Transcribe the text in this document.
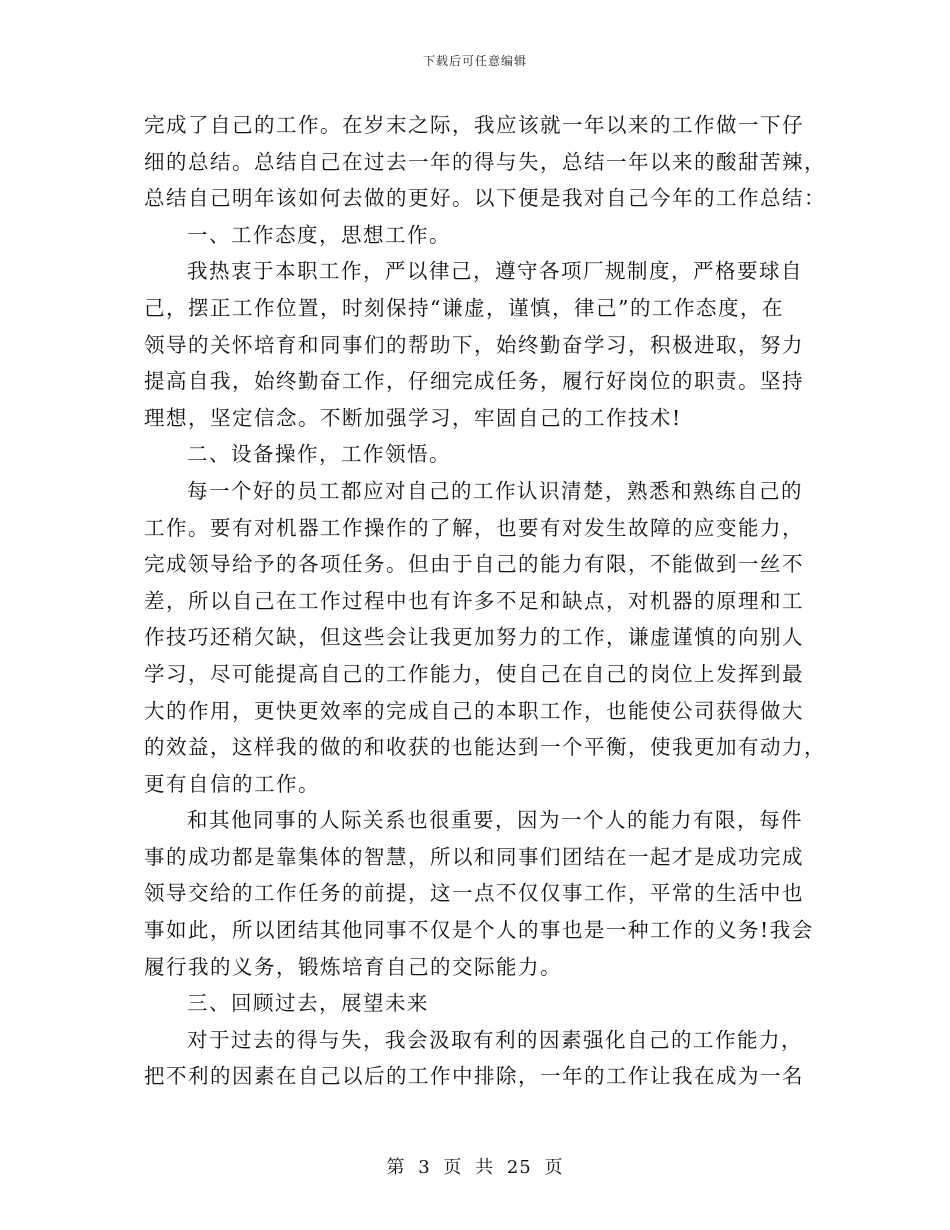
下载后可任意编辑
完成了自己的工作。在岁末之际，我应该就一年以来的工作做一下仔
细的总结。总结自己在过去一年的得与失，总结一年以来的酸甜苦辣，
总结自己明年该如何去做的更好。以下便是我对自己今年的工作总结：
一、工作态度，思想工作。
我热衷于本职工作，严以律己，遵守各项厂规制度，严格要球自
己，摆正工作位置，时刻保持“谦虚，谨慎，律己”的工作态度，在
领导的关怀培育和同事们的帮助下，始终勤奋学习，积极进取，努力
提高自我，始终勤奋工作，仔细完成任务，履行好岗位的职责。坚持
理想，坚定信念。不断加强学习，牢固自己的工作技术!
二、设备操作，工作领悟。
每一个好的员工都应对自己的工作认识清楚，熟悉和熟练自己的
工作。要有对机器工作操作的了解，也要有对发生故障的应变能力，
完成领导给予的各项任务。但由于自己的能力有限，不能做到一丝不
差，所以自己在工作过程中也有许多不足和缺点，对机器的原理和工
作技巧还稍欠缺，但这些会让我更加努力的工作，谦虚谨慎的向别人
学习，尽可能提高自己的工作能力，使自己在自己的岗位上发挥到最
大的作用，更快更效率的完成自己的本职工作，也能使公司获得做大
的效益，这样我的做的和收获的也能达到一个平衡，使我更加有动力，
更有自信的工作。
和其他同事的人际关系也很重要，因为一个人的能力有限，每件
事的成功都是靠集体的智慧，所以和同事们团结在一起才是成功完成
领导交给的工作任务的前提，这一点不仅仅事工作，平常的生活中也
事如此，所以团结其他同事不仅是个人的事也是一种工作的义务!我会
履行我的义务，锻炼培育自己的交际能力。
三、回顾过去，展望未来
对于过去的得与失，我会汲取有利的因素强化自己的工作能力，
把不利的因素在自己以后的工作中排除，一年的工作让我在成为一名
第 3 页 共 25 页
